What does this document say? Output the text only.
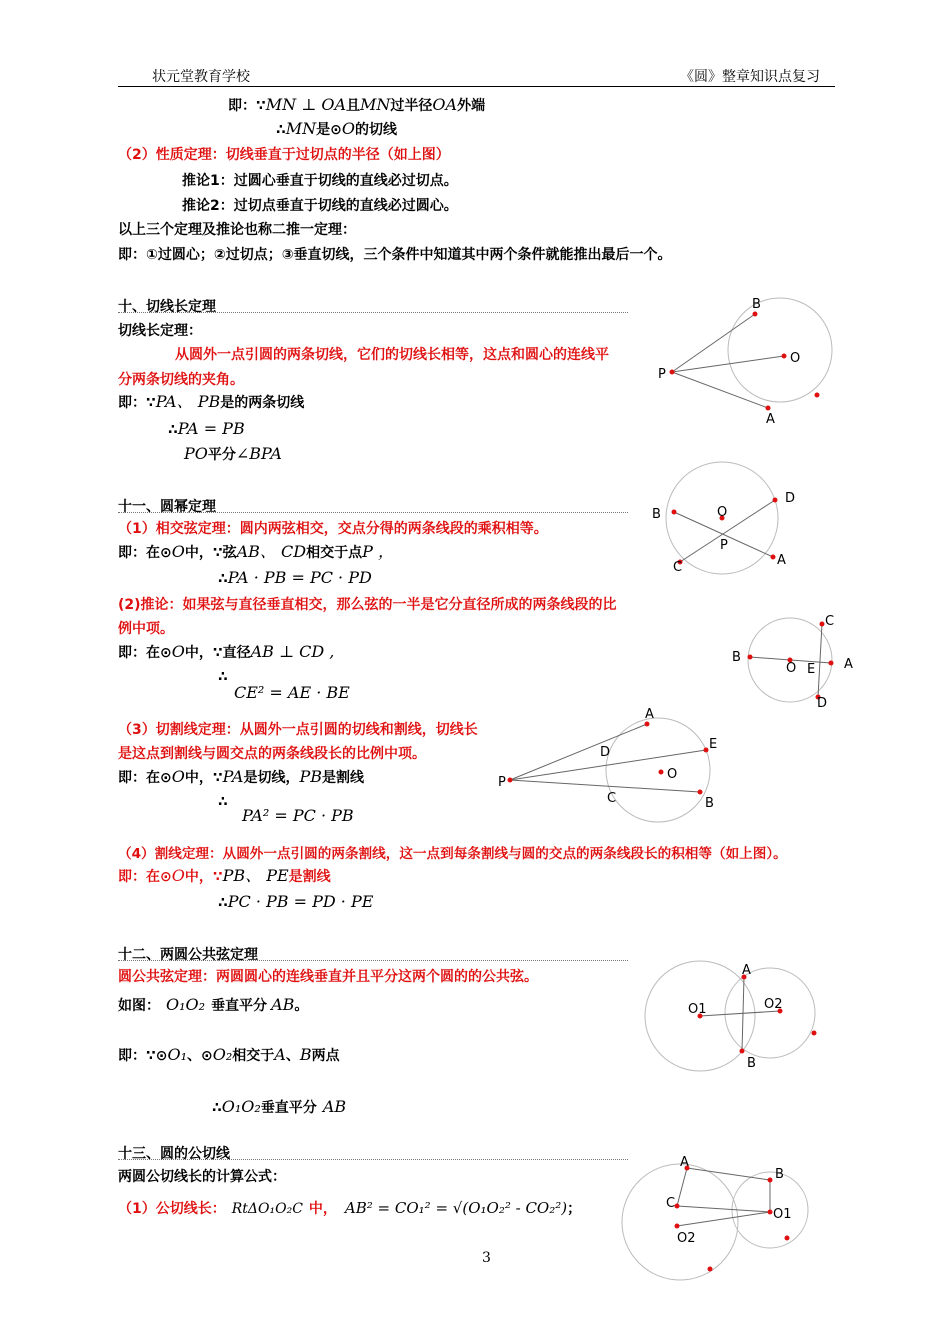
状元堂教育学校	《圆》整章知识点复习
即：∵MN ⊥ OA且MN过半径OA外端
∴MN是⊙O的切线
（2）性质定理：切线垂直于过切点的半径（如上图）
推论1：过圆心垂直于切线的直线必过切点。
推论2：过切点垂直于切线的直线必过圆心。
以上三个定理及推论也称二推一定理：
即：①过圆心；②过切点；③垂直切线，三个条件中知道其中两个条件就能推出最后一个。
十、切线长定理
切线长定理：
从圆外一点引圆的两条切线，它们的切线长相等，这点和圆心的连线平
分两条切线的夹角。
即：∵PA、 PB是的两条切线
∴PA = PB
PO平分∠BPA
B
O
P
A
十一、圆幂定理
（1）相交弦定理：圆内两弦相交，交点分得的两条线段的乘积相等。
即：在⊙O中，∵弦AB、 CD相交于点P ，
∴PA · PB = PC · PD
(2)推论：如果弦与直径垂直相交，那么弦的一半是它分直径所成的两条线段的比
例中项。
即：在⊙O中，∵直径AB ⊥ CD ,
∴
CE² = AE · BE
（3）切割线定理：从圆外一点引圆的切线和割线，切线长
是这点到割线与圆交点的两条线段长的比例中项。
即：在⊙O中，∵PA是切线，PB是割线
∴
PA² = PC · PB
（4）割线定理：从圆外一点引圆的两条割线，这一点到每条割线与圆的交点的两条线段长的积相等（如上图）。
即：在⊙O中，∵PB、 PE是割线
∴PC · PB = PD · PE
B	O
D
P
C	A
C
B
O E A
D
A
D
E
P
O
C	B
十二、两圆公共弦定理
圆公共弦定理：两圆圆心的连线垂直并且平分这两个圆的的公共弦。
如图： O₁O₂ 垂直平分 AB。
即：∵⊙O₁、⊙O₂相交于A、B两点
∴O₁O₂垂直平分 AB
A
O1	O2
B
十三、圆的公切线
两圆公切线长的计算公式：
（1）公切线长： RtΔO₁O₂C 中， AB² = CO₁² = √(O₁O₂² - CO₂²)；
A
B
C
O1
O2
3
